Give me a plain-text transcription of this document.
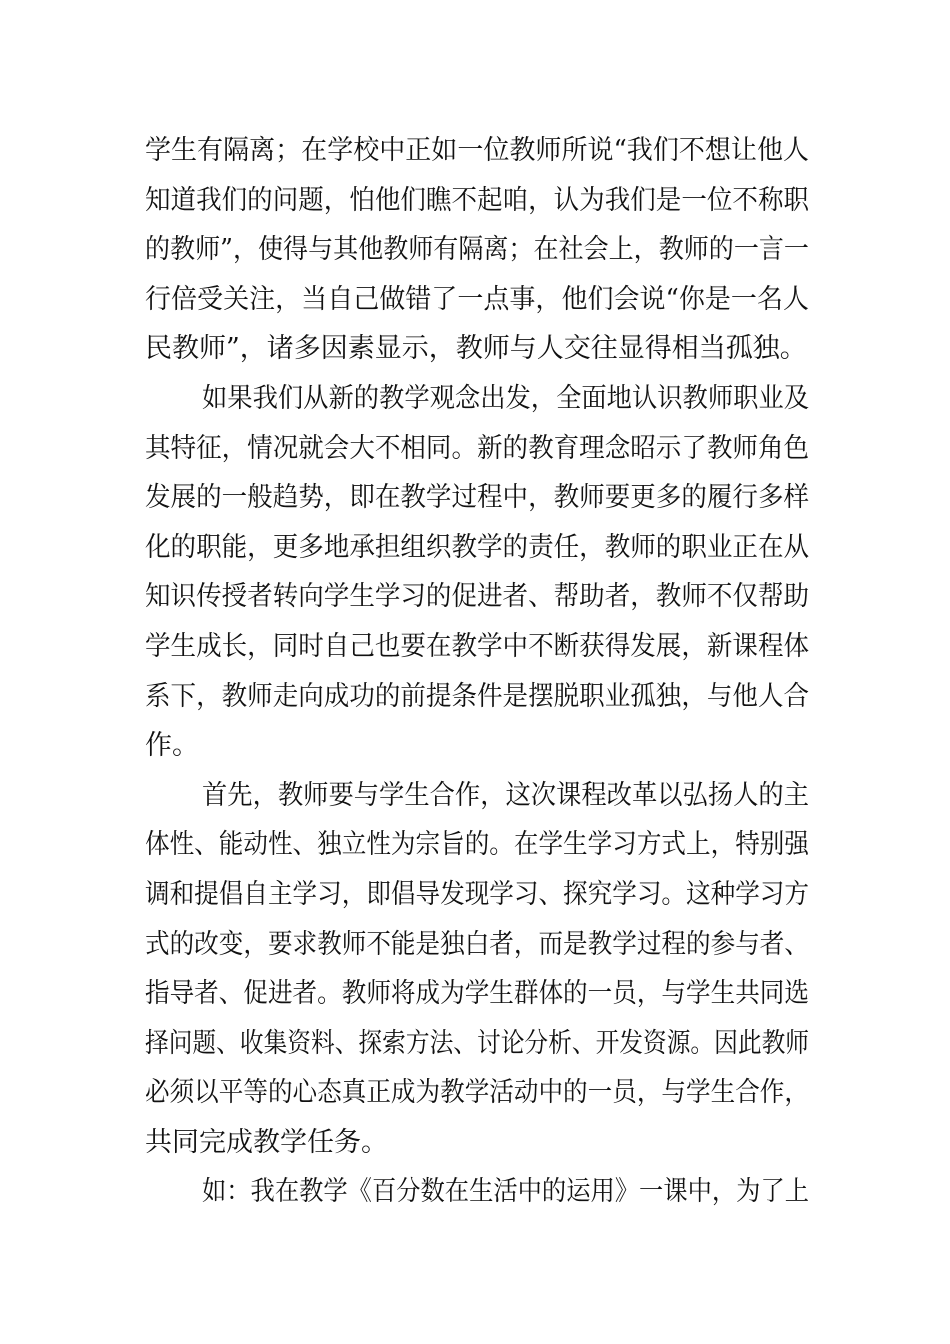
学生有隔离；在学校中正如一位教师所说“我们不想让他人
知道我们的问题，怕他们瞧不起咱，认为我们是一位不称职
的教师”，使得与其他教师有隔离；在社会上，教师的一言一
行倍受关注，当自己做错了一点事，他们会说“你是一名人
民教师”，诸多因素显示，教师与人交往显得相当孤独。
如果我们从新的教学观念出发，全面地认识教师职业及
其特征，情况就会大不相同。新的教育理念昭示了教师角色
发展的一般趋势，即在教学过程中，教师要更多的履行多样
化的职能，更多地承担组织教学的责任，教师的职业正在从
知识传授者转向学生学习的促进者、帮助者，教师不仅帮助
学生成长，同时自己也要在教学中不断获得发展，新课程体
系下，教师走向成功的前提条件是摆脱职业孤独，与他人合
作。
首先，教师要与学生合作，这次课程改革以弘扬人的主
体性、能动性、独立性为宗旨的。在学生学习方式上，特别强
调和提倡自主学习，即倡导发现学习、探究学习。这种学习方
式的改变，要求教师不能是独白者，而是教学过程的参与者、
指导者、促进者。教师将成为学生群体的一员，与学生共同选
择问题、收集资料、探索方法、讨论分析、开发资源。因此教师
必须以平等的心态真正成为教学活动中的一员，与学生合作，
共同完成教学任务。
如：我在教学《百分数在生活中的运用》一课中，为了上
